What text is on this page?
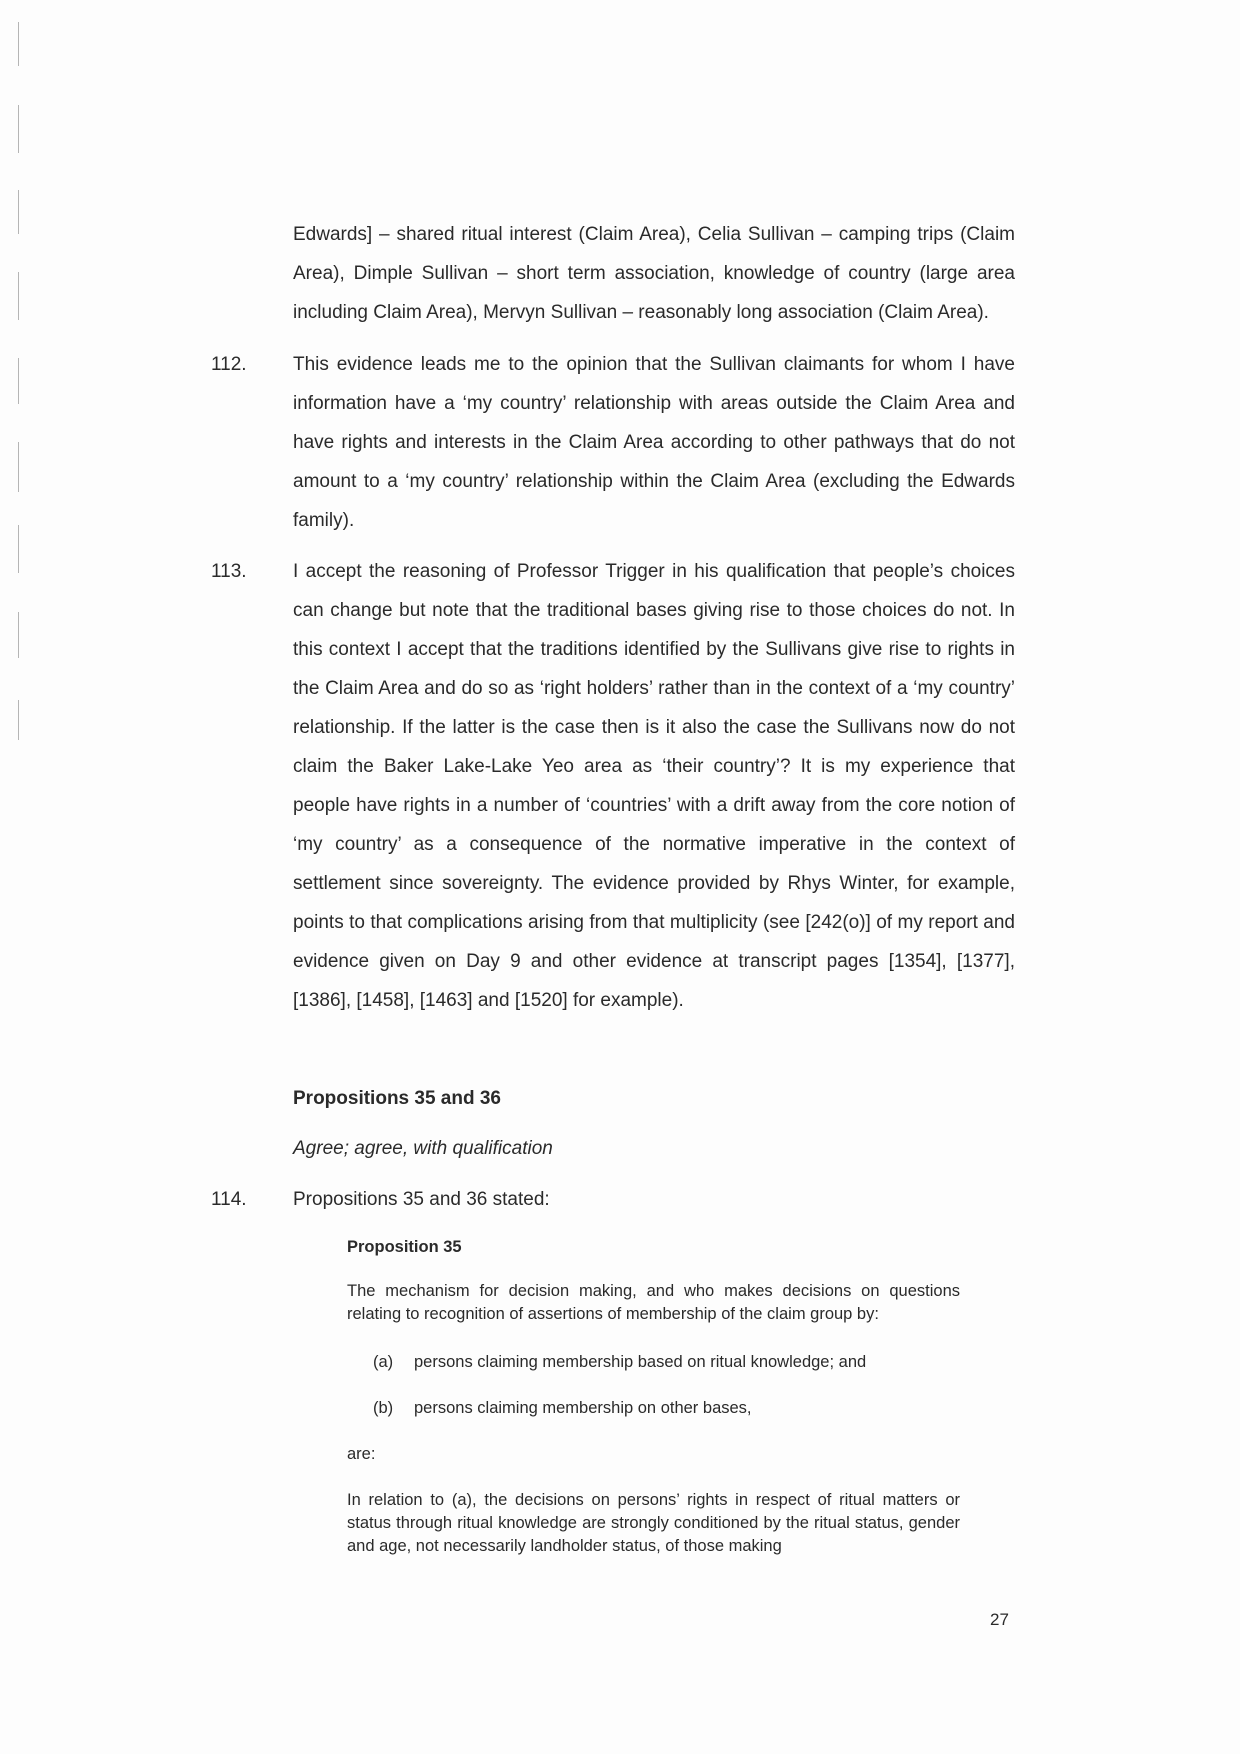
Edwards] – shared ritual interest (Claim Area), Celia Sullivan – camping trips (Claim Area), Dimple Sullivan – short term association, knowledge of country (large area including Claim Area), Mervyn Sullivan – reasonably long association (Claim Area).

112. This evidence leads me to the opinion that the Sullivan claimants for whom I have information have a ‘my country’ relationship with areas outside the Claim Area and have rights and interests in the Claim Area according to other pathways that do not amount to a ‘my country’ relationship within the Claim Area (excluding the Edwards family).

113. I accept the reasoning of Professor Trigger in his qualification that people’s choices can change but note that the traditional bases giving rise to those choices do not. In this context I accept that the traditions identified by the Sullivans give rise to rights in the Claim Area and do so as ‘right holders’ rather than in the context of a ‘my country’ relationship. If the latter is the case then is it also the case the Sullivans now do not claim the Baker Lake-Lake Yeo area as ‘their country’? It is my experience that people have rights in a number of ‘countries’ with a drift away from the core notion of ‘my country’ as a consequence of the normative imperative in the context of settlement since sovereignty. The evidence provided by Rhys Winter, for example, points to that complications arising from that multiplicity (see [242(o)] of my report and evidence given on Day 9 and other evidence at transcript pages [1354], [1377], [1386], [1458], [1463] and [1520] for example).

Propositions 35 and 36
Agree; agree, with qualification
114. Propositions 35 and 36 stated:

Proposition 35

The mechanism for decision making, and who makes decisions on questions relating to recognition of assertions of membership of the claim group by:

(a) persons claiming membership based on ritual knowledge; and
(b) persons claiming membership on other bases,
are:

In relation to (a), the decisions on persons’ rights in respect of ritual matters or status through ritual knowledge are strongly conditioned by the ritual status, gender and age, not necessarily landholder status, of those making

27
